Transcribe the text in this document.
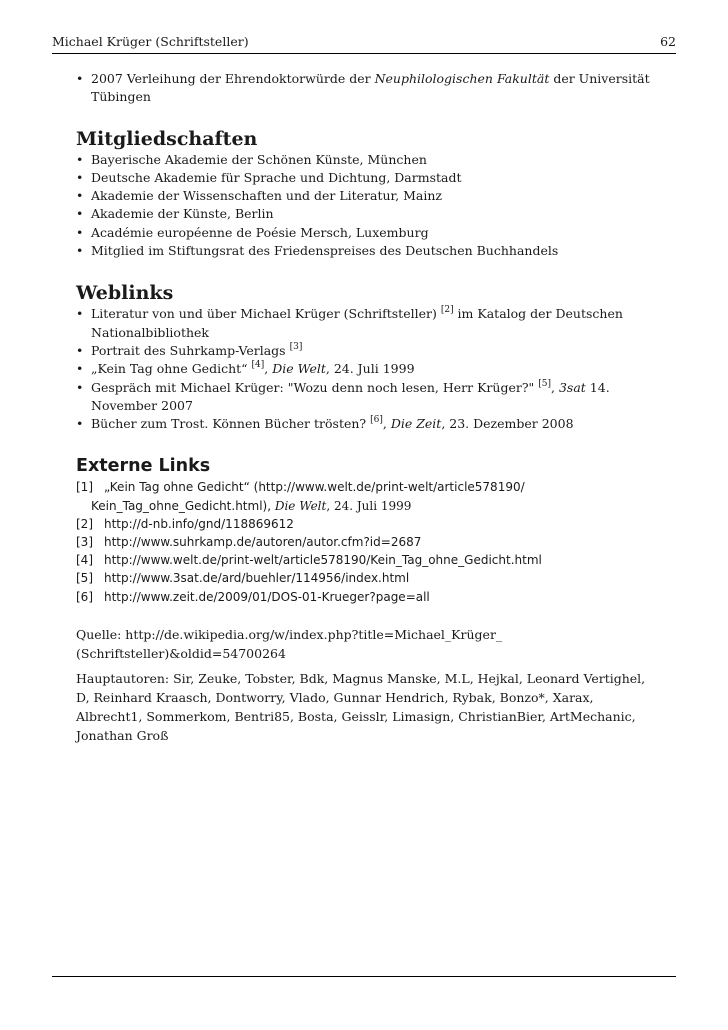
Michael Krüger (Schriftsteller)	62
• 2007 Verleihung der Ehrendoktorwürde der Neuphilologischen Fakultät der Universität
Tübingen
Mitgliedschaften
• Bayerische Akademie der Schönen Künste, München
• Deutsche Akademie für Sprache und Dichtung, Darmstadt
• Akademie der Wissenschaften und der Literatur, Mainz
• Akademie der Künste, Berlin
• Académie européenne de Poésie Mersch, Luxemburg
• Mitglied im Stiftungsrat des Friedenspreises des Deutschen Buchhandels
Weblinks
• Literatur von und über Michael Krüger (Schriftsteller) [2] im Katalog der Deutschen
Nationalbibliothek
• Portrait des Suhrkamp-Verlags [3]
• „Kein Tag ohne Gedicht“ [4], Die Welt, 24. Juli 1999
• Gespräch mit Michael Krüger: "Wozu denn noch lesen, Herr Krüger?" [5], 3sat 14.
November 2007
• Bücher zum Trost. Können Bücher trösten? [6], Die Zeit, 23. Dezember 2008
Externe Links
[1] „Kein Tag ohne Gedicht“ (http://www.welt.de/print-welt/article578190/
Kein_Tag_ohne_Gedicht.html), Die Welt, 24. Juli 1999
[2] http://d-nb.info/gnd/118869612
[3] http://www.suhrkamp.de/autoren/autor.cfm?id=2687
[4] http://www.welt.de/print-welt/article578190/Kein_Tag_ohne_Gedicht.html
[5] http://www.3sat.de/ard/buehler/114956/index.html
[6] http://www.zeit.de/2009/01/DOS-01-Krueger?page=all
Quelle: http://de.wikipedia.org/w/index.php?title=Michael_Krüger_
(Schriftsteller)&oldid=54700264
Hauptautoren: Sir, Zeuke, Tobster, Bdk, Magnus Manske, M.L, Hejkal, Leonard Vertighel,
D, Reinhard Kraasch, Dontworry, Vlado, Gunnar Hendrich, Rybak, Bonzo*, Xarax,
Albrecht1, Sommerkom, Bentri85, Bosta, Geisslr, Limasign, ChristianBier, ArtMechanic,
Jonathan Groß
